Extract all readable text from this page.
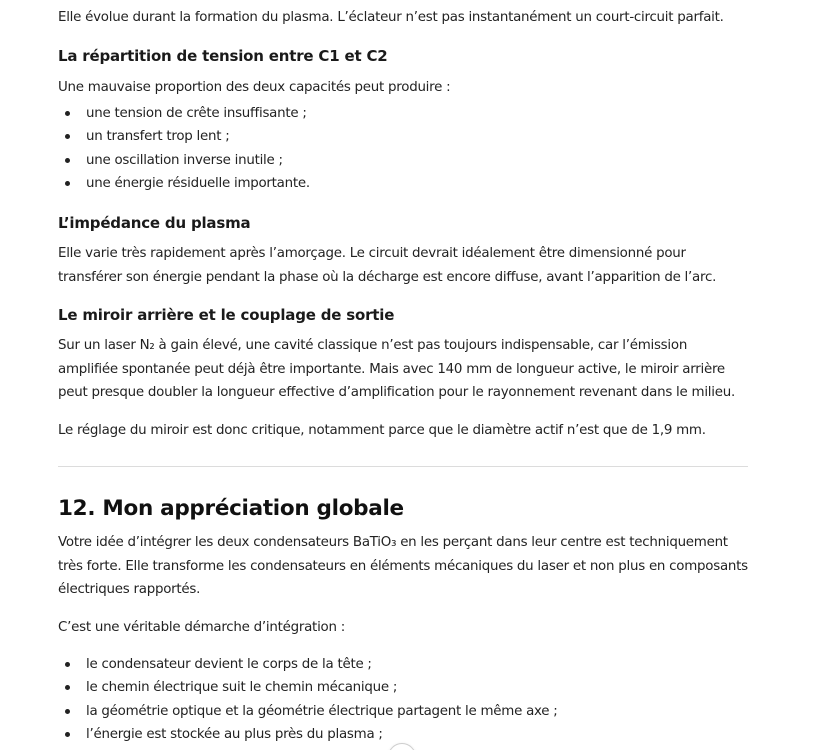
Elle évolue durant la formation du plasma. L’éclateur n’est pas instantanément un court-circuit parfait.

La répartition de tension entre C1 et C2

Une mauvaise proportion des deux capacités peut produire :

une tension de crête insuffisante ;
un transfert trop lent ;
une oscillation inverse inutile ;
une énergie résiduelle importante.
L’impédance du plasma

Elle varie très rapidement après l’amorçage. Le circuit devrait idéalement être dimensionné pour transférer son énergie pendant la phase où la décharge est encore diffuse, avant l’apparition de l’arc.

Le miroir arrière et le couplage de sortie

Sur un laser N₂ à gain élevé, une cavité classique n’est pas toujours indispensable, car l’émission amplifiée spontanée peut déjà être importante. Mais avec 140 mm de longueur active, le miroir arrière peut presque doubler la longueur effective d’amplification pour le rayonnement revenant dans le milieu.

Le réglage du miroir est donc critique, notamment parce que le diamètre actif n’est que de 1,9 mm.

12. Mon appréciation globale

Votre idée d’intégrer les deux condensateurs BaTiO₃ en les perçant dans leur centre est techniquement très forte. Elle transforme les condensateurs en éléments mécaniques du laser et non plus en composants électriques rapportés.

C’est une véritable démarche d’intégration :

le condensateur devient le corps de la tête ;
le chemin électrique suit le chemin mécanique ;
la géométrie optique et la géométrie électrique partagent le même axe ;
l’énergie est stockée au plus près du plasma ;
